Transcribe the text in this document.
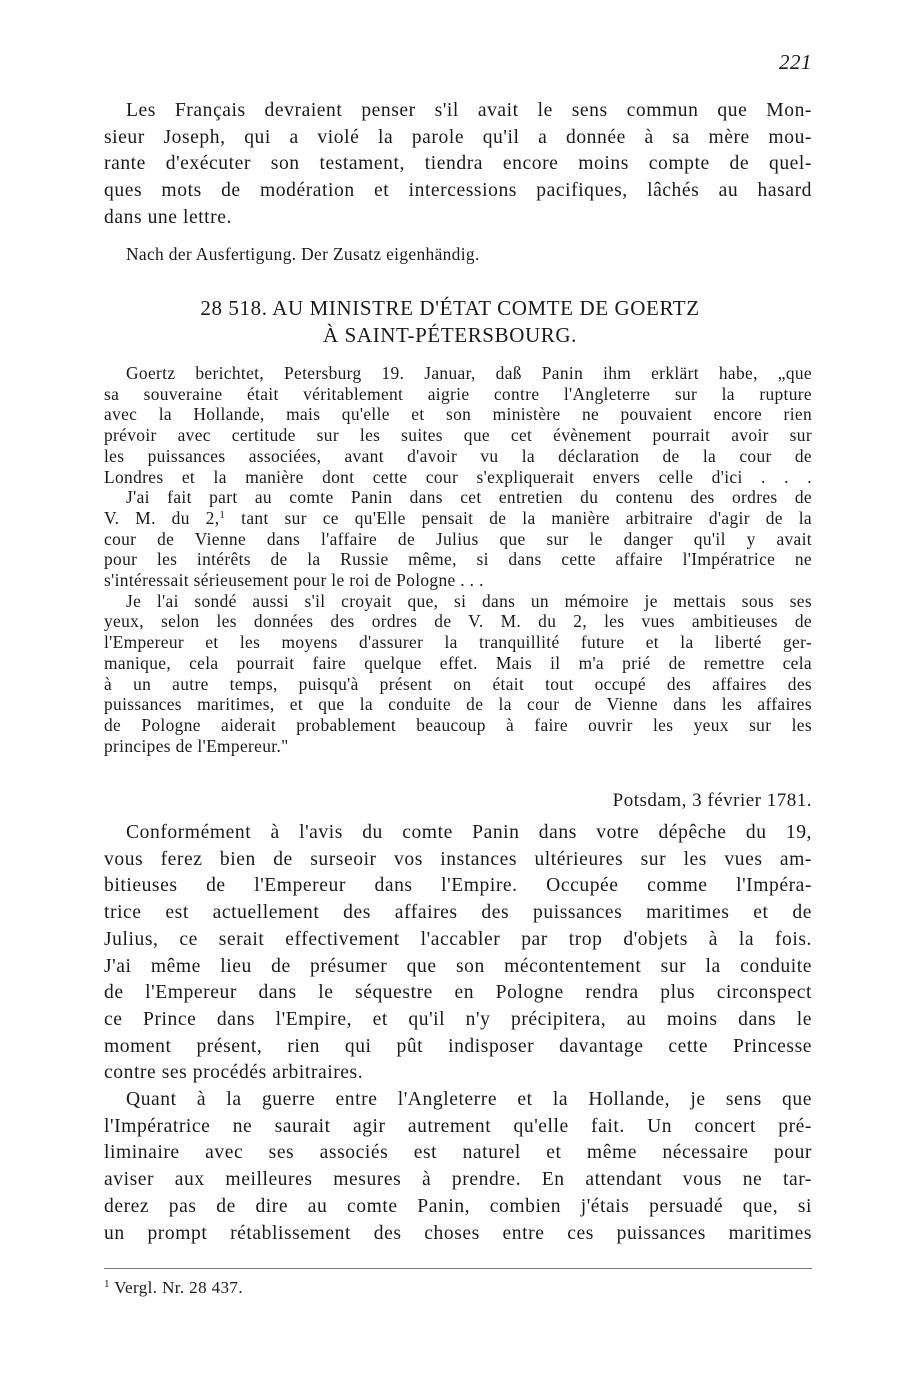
221
Les Français devraient penser s'il avait le sens commun que Mon-
sieur Joseph, qui a violé la parole qu'il a donnée à sa mère mou-
rante d'exécuter son testament, tiendra encore moins compte de quel-
ques mots de modération et intercessions pacifiques, lâchés au hasard
dans une lettre.
Nach der Ausfertigung. Der Zusatz eigenhändig.
28 518. AU MINISTRE D'ÉTAT COMTE DE GOERTZ
À SAINT-PÉTERSBOURG.
Goertz berichtet, Petersburg 19. Januar, daß Panin ihm erklärt habe, „que
sa souveraine était véritablement aigrie contre l'Angleterre sur la rupture
avec la Hollande, mais qu'elle et son ministère ne pouvaient encore rien
prévoir avec certitude sur les suites que cet évènement pourrait avoir sur
les puissances associées, avant d'avoir vu la déclaration de la cour de
Londres et la manière dont cette cour s'expliquerait envers celle d'ici . . .
J'ai fait part au comte Panin dans cet entretien du contenu des ordres de
V. M. du 2,$^1$ tant sur ce qu'Elle pensait de la manière arbitraire d'agir de la
cour de Vienne dans l'affaire de Julius que sur le danger qu'il y avait
pour les intérêts de la Russie même, si dans cette affaire l'Impératrice ne
s'intéressait sérieusement pour le roi de Pologne . . .
Je l'ai sondé aussi s'il croyait que, si dans un mémoire je mettais sous ses
yeux, selon les données des ordres de V. M. du 2, les vues ambitieuses de
l'Empereur et les moyens d'assurer la tranquillité future et la liberté ger-
manique, cela pourrait faire quelque effet. Mais il m'a prié de remettre cela
à un autre temps, puisqu'à présent on était tout occupé des affaires des
puissances maritimes, et que la conduite de la cour de Vienne dans les affaires
de Pologne aiderait probablement beaucoup à faire ouvrir les yeux sur les
principes de l'Empereur."
Potsdam, 3 février 1781.
Conformément à l'avis du comte Panin dans votre dépêche du 19,
vous ferez bien de surseoir vos instances ultérieures sur les vues am-
bitieuses de l'Empereur dans l'Empire. Occupée comme l'Impéra-
trice est actuellement des affaires des puissances maritimes et de
Julius, ce serait effectivement l'accabler par trop d'objets à la fois.
J'ai même lieu de présumer que son mécontentement sur la conduite
de l'Empereur dans le séquestre en Pologne rendra plus circonspect
ce Prince dans l'Empire, et qu'il n'y précipitera, au moins dans le
moment présent, rien qui pût indisposer davantage cette Princesse
contre ses procédés arbitraires.
Quant à la guerre entre l'Angleterre et la Hollande, je sens que
l'Impératrice ne saurait agir autrement qu'elle fait. Un concert pré-
liminaire avec ses associés est naturel et même nécessaire pour
aviser aux meilleures mesures à prendre. En attendant vous ne tar-
derez pas de dire au comte Panin, combien j'étais persuadé que, si
un prompt rétablissement des choses entre ces puissances maritimes
$^1$ Vergl. Nr. 28 437.
